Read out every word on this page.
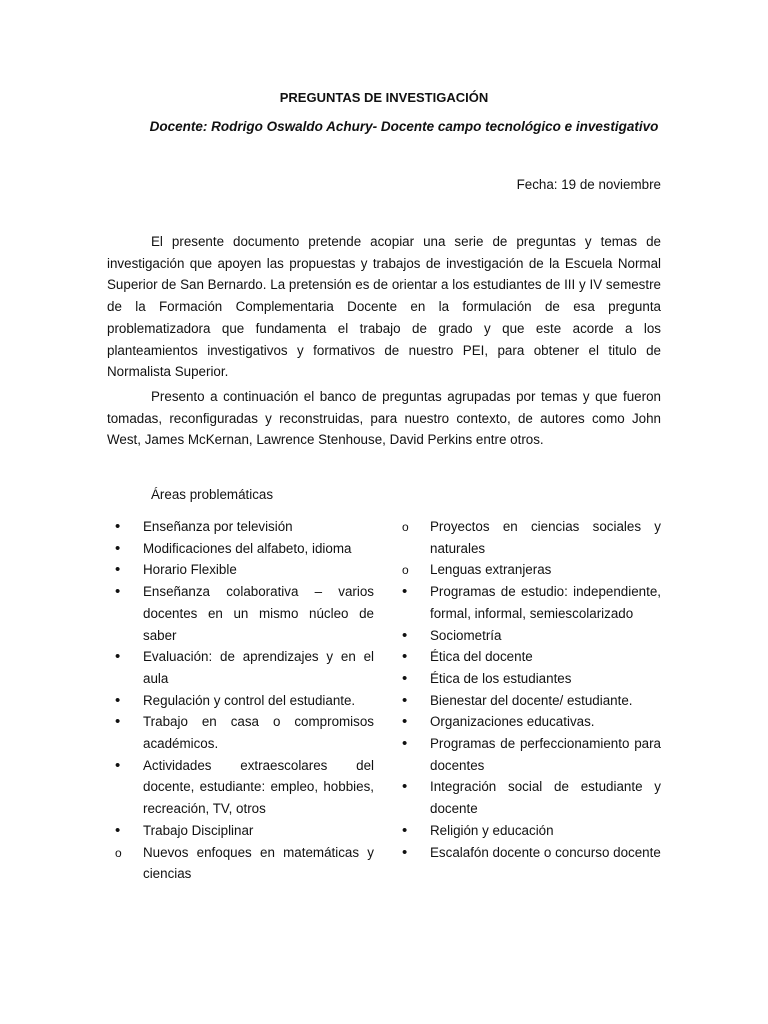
PREGUNTAS DE INVESTIGACIÓN

Docente: Rodrigo Oswaldo Achury- Docente campo tecnológico e investigativo

Fecha: 19 de noviembre

El presente documento pretende acopiar una serie de preguntas y temas de investigación que apoyen las propuestas y trabajos de investigación de la Escuela Normal Superior de San Bernardo. La pretensión es de orientar a los estudiantes de III y IV semestre de la Formación Complementaria Docente en la formulación de esa pregunta problematizadora que fundamenta el trabajo de grado y que este acorde a los planteamientos investigativos y formativos de nuestro PEI, para obtener el titulo de Normalista Superior.

Presento a continuación el banco de preguntas agrupadas por temas y que fueron tomadas, reconfiguradas y reconstruidas, para nuestro contexto, de autores como John West, James McKernan, Lawrence Stenhouse, David Perkins entre otros.

Áreas problemáticas

•
Enseñanza por televisión
•
Modificaciones del alfabeto, idioma
•
Horario Flexible
•
Enseñanza colaborativa – varios docentes en un mismo núcleo de saber
•
Evaluación: de aprendizajes y en el aula
•
Regulación y control del estudiante.
•
Trabajo en casa o compromisos académicos.
•
Actividades extraescolares del docente, estudiante: empleo, hobbies, recreación, TV, otros
•
Trabajo Disciplinar
o
Nuevos enfoques en matemáticas y ciencias
o
Proyectos en ciencias sociales y naturales
o
Lenguas extranjeras
•
Programas de estudio: independiente, formal, informal, semiescolarizado
•
Sociometría
•
Ética del docente
•
Ética de los estudiantes
•
Bienestar del docente/ estudiante.
•
Organizaciones educativas.
•
Programas de perfeccionamiento para docentes
•
Integración social de estudiante y docente
•
Religión y educación
•
Escalafón docente o concurso docente
